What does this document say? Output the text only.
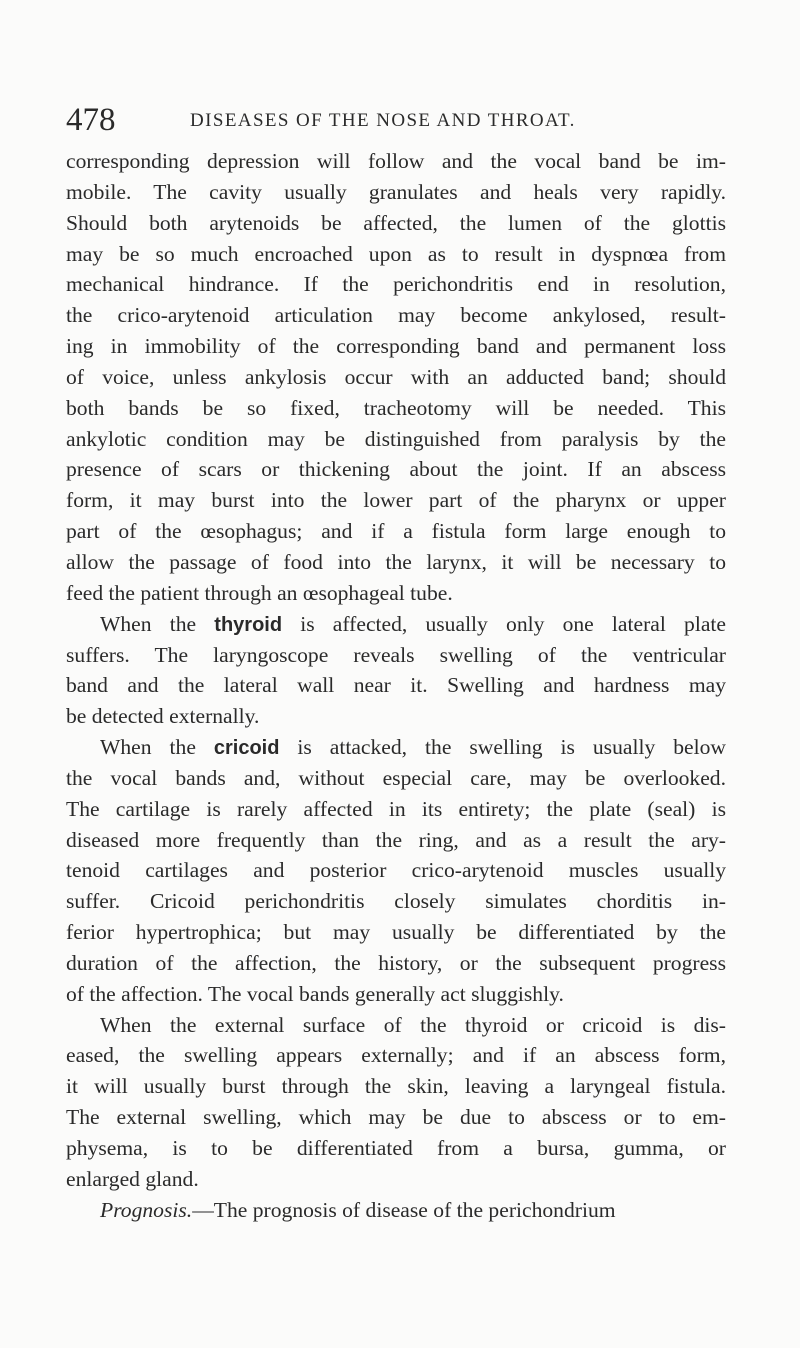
478	DISEASES OF THE NOSE AND THROAT.
corresponding depression will follow and the vocal band be im-
mobile. The cavity usually granulates and heals very rapidly.
Should both arytenoids be affected, the lumen of the glottis
may be so much encroached upon as to result in dyspnœa from
mechanical hindrance. If the perichondritis end in resolution,
the crico-arytenoid articulation may become ankylosed, result-
ing in immobility of the corresponding band and permanent loss
of voice, unless ankylosis occur with an adducted band; should
both bands be so fixed, tracheotomy will be needed. This
ankylotic condition may be distinguished from paralysis by the
presence of scars or thickening about the joint. If an abscess
form, it may burst into the lower part of the pharynx or upper
part of the œsophagus; and if a fistula form large enough to
allow the passage of food into the larynx, it will be necessary to
feed the patient through an œsophageal tube.
When the thyroid is affected, usually only one lateral plate
suffers. The laryngoscope reveals swelling of the ventricular
band and the lateral wall near it. Swelling and hardness may
be detected externally.
When the cricoid is attacked, the swelling is usually below
the vocal bands and, without especial care, may be overlooked.
The cartilage is rarely affected in its entirety; the plate (seal) is
diseased more frequently than the ring, and as a result the ary-
tenoid cartilages and posterior crico-arytenoid muscles usually
suffer. Cricoid perichondritis closely simulates chorditis in-
ferior hypertrophica; but may usually be differentiated by the
duration of the affection, the history, or the subsequent progress
of the affection. The vocal bands generally act sluggishly.
When the external surface of the thyroid or cricoid is dis-
eased, the swelling appears externally; and if an abscess form,
it will usually burst through the skin, leaving a laryngeal fistula.
The external swelling, which may be due to abscess or to em-
physema, is to be differentiated from a bursa, gumma, or
enlarged gland.
Prognosis.—The prognosis of disease of the perichondrium
